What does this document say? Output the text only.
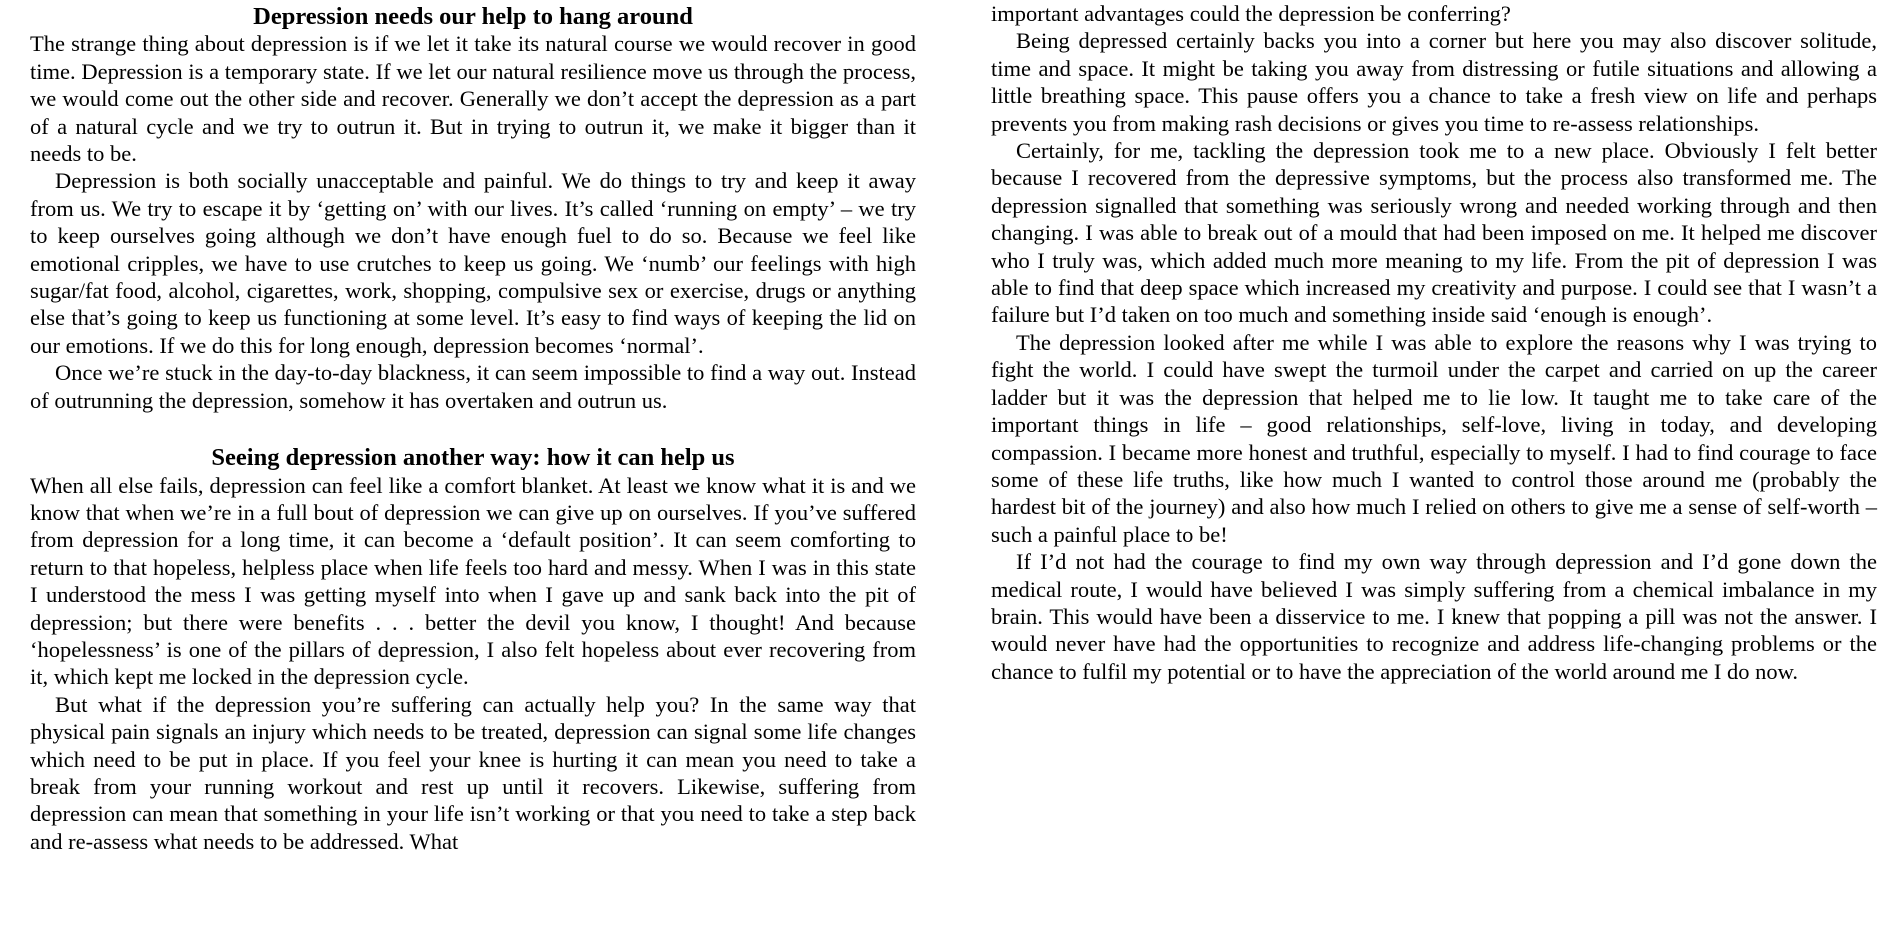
Depression needs our help to hang around

The strange thing about depression is if we let it take its natural course we would recover in good time. Depression is a temporary state. If we let our natural resilience move us through the process, we would come out the other side and recover. Generally we don’t accept the depression as a part of a natural cycle and we try to outrun it. But in trying to outrun it, we make it bigger than it needs to be.

Depression is both socially unacceptable and painful. We do things to try and keep it away from us. We try to escape it by ‘getting on’ with our lives. It’s called ‘running on empty’ – we try to keep ourselves going although we don’t have enough fuel to do so. Because we feel like emotional cripples, we have to use crutches to keep us going. We ‘numb’ our feelings with high sugar/fat food, alcohol, cigarettes, work, shopping, compulsive sex or exercise, drugs or anything else that’s going to keep us functioning at some level. It’s easy to find ways of keeping the lid on our emotions. If we do this for long enough, depression becomes ‘normal’.

Once we’re stuck in the day-to-day blackness, it can seem impossible to find a way out. Instead of outrunning the depression, somehow it has overtaken and outrun us.

Seeing depression another way: how it can help us

When all else fails, depression can feel like a comfort blanket. At least we know what it is and we know that when we’re in a full bout of depression we can give up on ourselves. If you’ve suffered from depression for a long time, it can become a ‘default position’. It can seem comforting to return to that hopeless, helpless place when life feels too hard and messy. When I was in this state I understood the mess I was getting myself into when I gave up and sank back into the pit of depression; but there were benefits . . . better the devil you know, I thought! And because ‘hopelessness’ is one of the pillars of depression, I also felt hopeless about ever recovering from it, which kept me locked in the depression cycle.

But what if the depression you’re suffering can actually help you? In the same way that physical pain signals an injury which needs to be treated, depression can signal some life changes which need to be put in place. If you feel your knee is hurting it can mean you need to take a break from your running workout and rest up until it recovers. Likewise, suffering from depression can mean that something in your life isn’t working or that you need to take a step back and re-assess what needs to be addressed. What

important advantages could the depression be conferring?

Being depressed certainly backs you into a corner but here you may also discover solitude, time and space. It might be taking you away from distressing or futile situations and allowing a little breathing space. This pause offers you a chance to take a fresh view on life and perhaps prevents you from making rash decisions or gives you time to re-assess relationships.

Certainly, for me, tackling the depression took me to a new place. Obviously I felt better because I recovered from the depressive symptoms, but the process also transformed me. The depression signalled that something was seriously wrong and needed working through and then changing. I was able to break out of a mould that had been imposed on me. It helped me discover who I truly was, which added much more meaning to my life. From the pit of depression I was able to find that deep space which increased my creativity and purpose. I could see that I wasn’t a failure but I’d taken on too much and something inside said ‘enough is enough’.

The depression looked after me while I was able to explore the reasons why I was trying to fight the world. I could have swept the turmoil under the carpet and carried on up the career ladder but it was the depression that helped me to lie low. It taught me to take care of the important things in life – good relationships, self-love, living in today, and developing compassion. I became more honest and truthful, especially to myself. I had to find courage to face some of these life truths, like how much I wanted to control those around me (probably the hardest bit of the journey) and also how much I relied on others to give me a sense of self-worth – such a painful place to be!

If I’d not had the courage to find my own way through depression and I’d gone down the medical route, I would have believed I was simply suffering from a chemical imbalance in my brain. This would have been a disservice to me. I knew that popping a pill was not the answer. I would never have had the opportunities to recognize and address life-changing problems or the chance to fulfil my potential or to have the appreciation of the world around me I do now.
